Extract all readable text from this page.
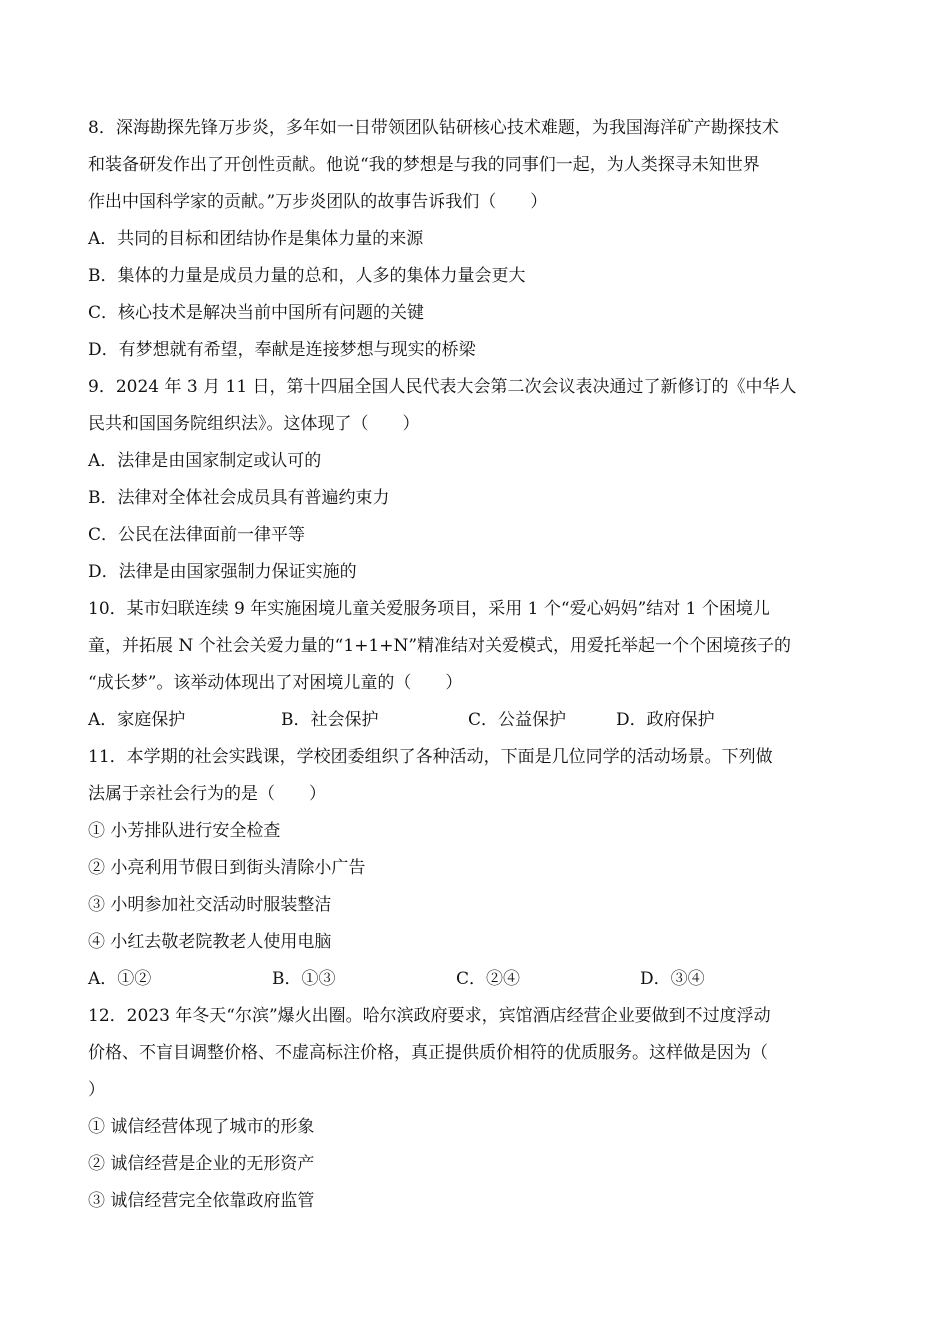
8．深海勘探先锋万步炎，多年如一日带领团队钻研核心技术难题，为我国海洋矿产勘探技术
和装备研发作出了开创性贡献。他说“我的梦想是与我的同事们一起，为人类探寻未知世界
作出中国科学家的贡献。”万步炎团队的故事告诉我们（　　）
A．共同的目标和团结协作是集体力量的来源
B．集体的力量是成员力量的总和，人多的集体力量会更大
C．核心技术是解决当前中国所有问题的关键
D．有梦想就有希望，奉献是连接梦想与现实的桥梁
9．2024 年 3 月 11 日，第十四届全国人民代表大会第二次会议表决通过了新修订的《中华人
民共和国国务院组织法》。这体现了（　　）
A．法律是由国家制定或认可的
B．法律对全体社会成员具有普遍约束力
C．公民在法律面前一律平等
D．法律是由国家强制力保证实施的
10．某市妇联连续 9 年实施困境儿童关爱服务项目，采用 1 个“爱心妈妈”结对 1 个困境儿
童，并拓展 N 个社会关爱力量的“1+1+N”精准结对关爱模式，用爱托举起一个个困境孩子的
“成长梦”。该举动体现出了对困境儿童的（　　）
A．家庭保护	B．社会保护	C．公益保护	D．政府保护
11．本学期的社会实践课，学校团委组织了各种活动，下面是几位同学的活动场景。下列做
法属于亲社会行为的是（　　）
① 小芳排队进行安全检查
② 小亮利用节假日到街头清除小广告
③ 小明参加社交活动时服装整洁
④ 小红去敬老院教老人使用电脑
A．①②	B．①③	C．②④	D．③④
12．2023 年冬天“尔滨”爆火出圈。哈尔滨政府要求，宾馆酒店经营企业要做到不过度浮动
价格、不盲目调整价格、不虚高标注价格，真正提供质价相符的优质服务。这样做是因为（
）
① 诚信经营体现了城市的形象
② 诚信经营是企业的无形资产
③ 诚信经营完全依靠政府监管
